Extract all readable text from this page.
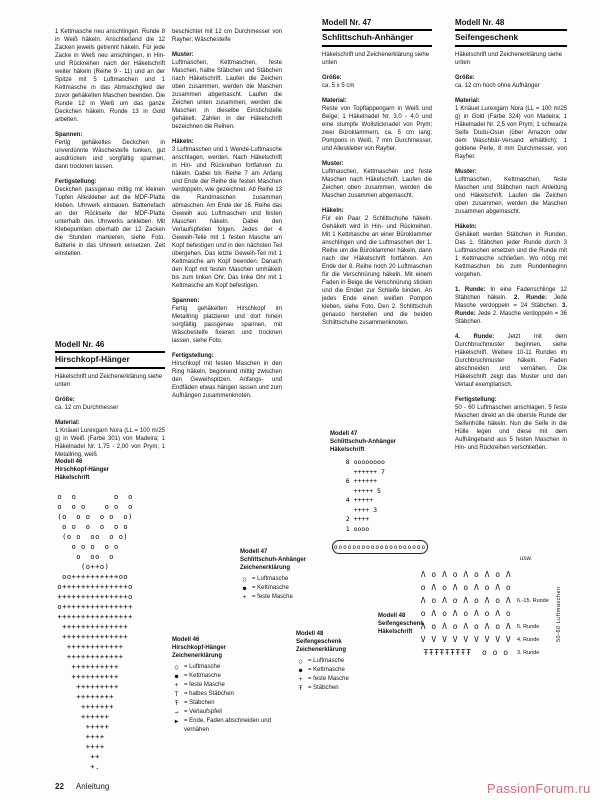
1 Kettmasche neu anschlingen. Runde 8 in Weiß häkeln. Anschließend die 12 Zacken jeweils getrennt häkeln. Für jede Zacke in Weiß neu anschlingen, in Hin- und Rückreihen nach der Häkelschrift weiter häkeln (Reihe 9 - 11) und an der Spitze mit 5 Luftmaschen und 1 Kettmasche in das Abmaschglied der zuvor gehäkelten Maschen beenden. Die Runde 12 in Weiß um das ganze Deckchen häkeln. Runde 13 in Gold arbeiten.

Spannen:

Fertig gehäkeltes Deckchen in unverdünnte Wäschesteife tunken, gut ausdrücken und sorgfältig spannen, dann trocknen lassen.

Fertigstellung:

Deckchen passgenau mittig mit kleinen Tupfen Alleskleber auf die MDF-Platte kleben. Uhrwerk einbauen. Batteriefach an der Rückseite der MDF-Platte unterhalb des Uhrwerks ankleben. Mit Klebepunkten oberhalb der 12 Zacken die Stunden markieren, siehe Foto. Batterie in das Uhrwerk einsetzen. Zeit einstellen.

Modell Nr. 46
Hirschkopf-Hänger

Häkelschrift und Zeichenerklärung siehe unten

Größe:

ca. 12 cm Durchmesser

Material:

1 Knäuel Lurexgarn Nora (LL = 100 m/25 g) in Weiß (Farbe 301) von Madeira; 1 Häkelnadel Nr. 1,75 - 2,00 von Prym; 1 Metallring, weiß

Modell 46
Hirschkopf-Hänger
Häkelschrift
o  o        o  o
o  o o    o o  o
(o  o o  o o  o)
o o  o  o  o o
(o o  oo  o o)
o o o  o o
o  oo  o
(o++o)
oo++++++++++oo
o++++++++++++++o
+++++++++++++++o
o+++++++++++++++
++++++++++++++++
++++++++++++++
++++++++++++++
++++++++++++
++++++++++++
++++++++++
++++++++++
+++++++++
++++++++
+++++++
++++++
+++++
++++
++++
++
+.

beschichtet mit 12 cm Durchmesser von Rayher; Wäschesteife

Muster:

Luftmaschen, Kettmaschen, feste Maschen, halbe Stäbchen und Stäbchen nach Häkelschrift. Laufen die Zeichen oben zusammen, werden die Maschen zusammen abgemascht. Laufen die Zeichen unten zusammen, werden die Maschen in dieselbe Einstichstelle gehäkelt. Zahlen in der Häkelschrift bezeichnen die Reihen.

Häkeln:

3 Luftmaschen und 1 Wende-Luftmasche anschlagen, werden. Nach Häkelschrift in Hin- und Rückreihen fortfahren zu häkeln. Dabei bis Reihe 7 am Anfang und Ende der Reihe die festen Maschen verdoppeln, wie gezeichnet. Ab Reihe 13 die Randmaschen zusammen abmaschen. Am Ende der 16. Reihe das Geweih aus Luftmaschen und festen Maschen häkeln. Dabei den Verlaufspfeilen folgen. Jedes der 4 Geweih-Teile mit 1 festen Masche am Kopf befestigen und in den nächsten Teil übergehen. Das letzte Geweih-Teil mit 1 Kettmasche am Kopf beenden. Danach den Kopf mit festen Maschen umhäkeln bis zum linken Ohr. Das linke Ohr mit 1 Kettmasche am Kopf befestigen.

Spannen:

Fertig gehäkelten Hirschkopf im Metallring platzieren und dort hinein sorgfältig passgenau spannen, mit Wäschesteife fixieren und trocknen lassen, siehe Foto.

Fertigstellung:

Hirschkopf mit festen Maschen in den Ring häkeln, beginnend mittig zwischen den Geweihspitzen. Anfangs- und Endfäden etwas hängen lassen und zum Aufhängen zusammenknoten.

Modell 47
Schlittschuh-Anhänger
Zeichenerklärung
○ = Luftmasche
● = Kettmasche
+ = feste Masche
Modell 46
Hirschkopf-Hänger
Zeichenerklärung
○ = Luftmasche
● = Kettmasche
+ = feste Masche
T = halbes Stäbchen
Ŧ = Stäbchen
→ = Verlaufspfeil
▶ = Ende, Faden abschneiden und vernähen
Modell 48
Seifengeschenk
Zeichenerklärung
○ = Luftmasche
● = Kettmasche
+ = feste Masche
Ŧ = Stäbchen
Modell Nr. 47
Schlittschuh-Anhänger

Häkelschrift und Zeichenerklärung siehe unten

Größe:

ca. 5 x 5 cm

Material:

Reste von Topflappengarn in Weiß und Beige; 1 Häkelnadel Nr. 3,0 - 4,0 und eine stumpfe Wollsticknadel von Prym; zwei Büroklammern, ca. 5 cm lang; Pompons in Weiß, 7 mm Durchmesser, und Alleskleber von Rayher.

Muster:

Luftmaschen, Kettmaschen und feste Maschen nach Häkelschrift. Laufen die Zeichen oben zusammen, werden die Maschen zusammen abgemascht.

Häkeln:

Für ein Paar 2 Schlittschuhe häkeln. Gehäkelt wird in Hin- und Rückreihen. Mit 1 Kettmasche an einer Büroklammer anschlingen und die Luftmaschen der 1. Reihe um die Büroklammer häkeln, dann nach der Häkelschrift fortfahren. Am Ende der 8. Reihe noch 20 Luftmaschen für die Verschnürung häkeln. Mit einem Faden in Beige die Verschnürung sticken und die Enden zur Schleife binden. An jedes Ende einen weißen Pompon kleben, siehe Foto. Den 2. Schlittschuh genauso herstellen und die beiden Schlittschuhe zusammenknoten.

Modell 47
Schlittschuh-Anhänger
Häkelschrift
8 oooooooo
++++++ 7
6 ++++++
+++++ 5
4 +++++
++++ 3
2 ++++
1 oooo
oooooooooooooooooooo
Modell 48
Seifengeschenk
Häkelschrift
Modell Nr. 48
Seifengeschenk

Häkelschrift und Zeichenerklärung siehe unten

Größe:

ca. 12 cm hoch ohne Aufhänger

Material:

1 Knäuel Lurexgarn Nora (LL = 100 m/25 g) in Gold (Farbe 324) von Madeira; 1 Häkelnadel Nr. 2,5 von Prym; 1 schwarze Seife Dudu-Osun (über Amazon oder dem Waschbär-Versand erhältlich); 1 goldene Perle, 8 mm Durchmesser, von Rayher.

Muster:

Luftmaschen, Kettmaschen, feste Maschen und Stäbchen nach Anleitung und Häkelschrift. Laufen die Zeichen oben zusammen, werden die Maschen zusammen abgemascht.

Häkeln:

Gehäkelt werden Stäbchen in Runden. Das 1. Stäbchen jeder Runde durch 3 Luftmaschen ersetzen und die Runde mit 1 Kettmasche schließen. Wo nötig mit Kettmaschen bis zum Rundenbeginn vorgehen.

1. Runde: In eine Fadenschlinge 12 Stäbchen häkeln. 2. Runde: Jede Masche verdoppeln = 24 Stäbchen. 3. Runde: Jede 2. Masche verdoppeln = 36 Stäbchen.

4. Runde: Jetzt mit dem Durchbruchmuster beginnen, siehe Häkelschrift. Weitere 10-11 Runden im Durchbruchmuster häkeln. Faden abschneiden und vernähen. Die Häkelschrift zeigt das Muster und den Verlauf exemplarisch.

Fertigstellung:

50 - 60 Luftmaschen anschlagen. 5 feste Maschen direkt an die oberste Runde der Seifenhülle häkeln. Nun die Seife in die Hülle legen und diese mit dem Aufhängeband aus 5 festen Maschen in Hin- und Rückreihen verschließen.

usw.
50-60 Luftmaschen
Λ o Λ o Λ o Λ o Λ
o Λ o Λ o Λ o Λ o
Λ o Λ o Λ o Λ o Λ 6.-15. Runde
o Λ o Λ o Λ o Λ o
Λ o Λ o Λ o Λ o Λ 5. Runde
V V V V V V V V V 4. Runde
ŦŦŦŦŦŦŦŦŦ  o o o	3. Runde
22 Anleitung	PassionForum.ru
